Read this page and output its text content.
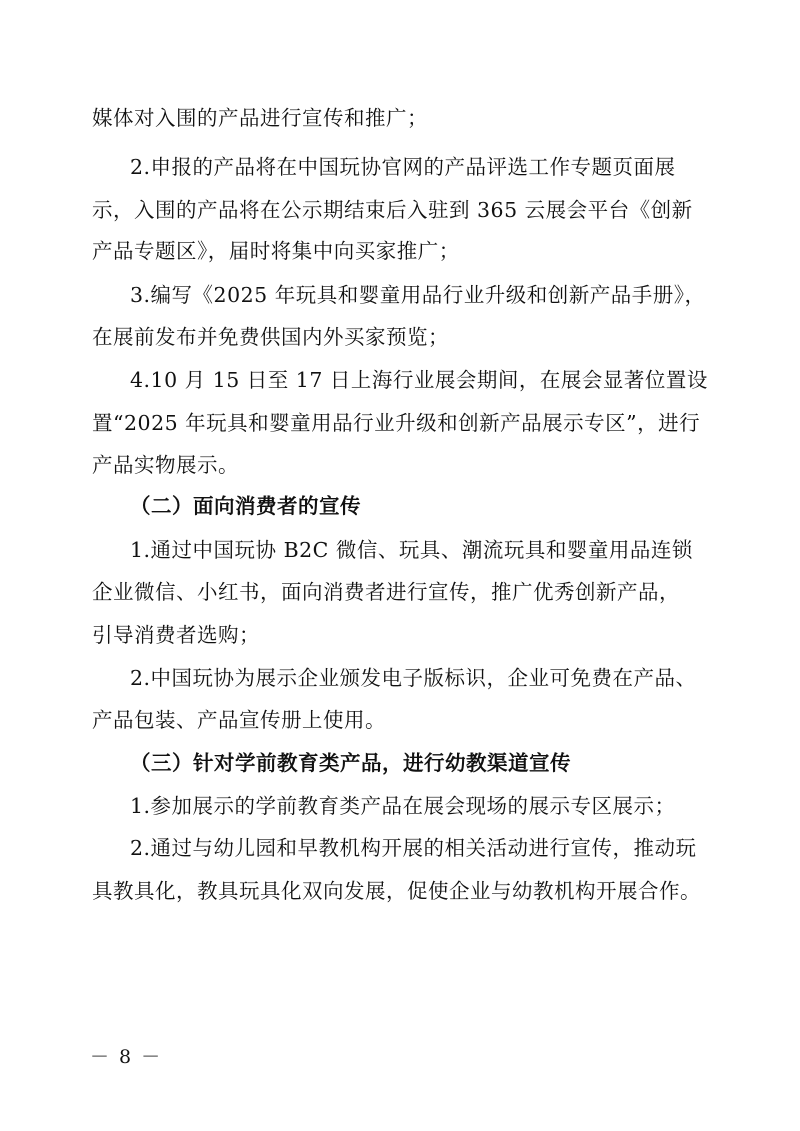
媒体对入围的产品进行宣传和推广；
2.申报的产品将在中国玩协官网的产品评选工作专题页面展
示，入围的产品将在公示期结束后入驻到 365 云展会平台《创新
产品专题区》，届时将集中向买家推广；
3.编写《2025 年玩具和婴童用品行业升级和创新产品手册》，
在展前发布并免费供国内外买家预览；
4.10 月 15 日至 17 日上海行业展会期间，在展会显著位置设
置“2025 年玩具和婴童用品行业升级和创新产品展示专区”，进行
产品实物展示。
（二）面向消费者的宣传
1.通过中国玩协 B2C 微信、玩具、潮流玩具和婴童用品连锁
企业微信、小红书，面向消费者进行宣传，推广优秀创新产品，
引导消费者选购；
2.中国玩协为展示企业颁发电子版标识，企业可免费在产品、
产品包装、产品宣传册上使用。
（三）针对学前教育类产品，进行幼教渠道宣传
1.参加展示的学前教育类产品在展会现场的展示专区展示；
2.通过与幼儿园和早教机构开展的相关活动进行宣传，推动玩
具教具化，教具玩具化双向发展，促使企业与幼教机构开展合作。
－ 8 －
